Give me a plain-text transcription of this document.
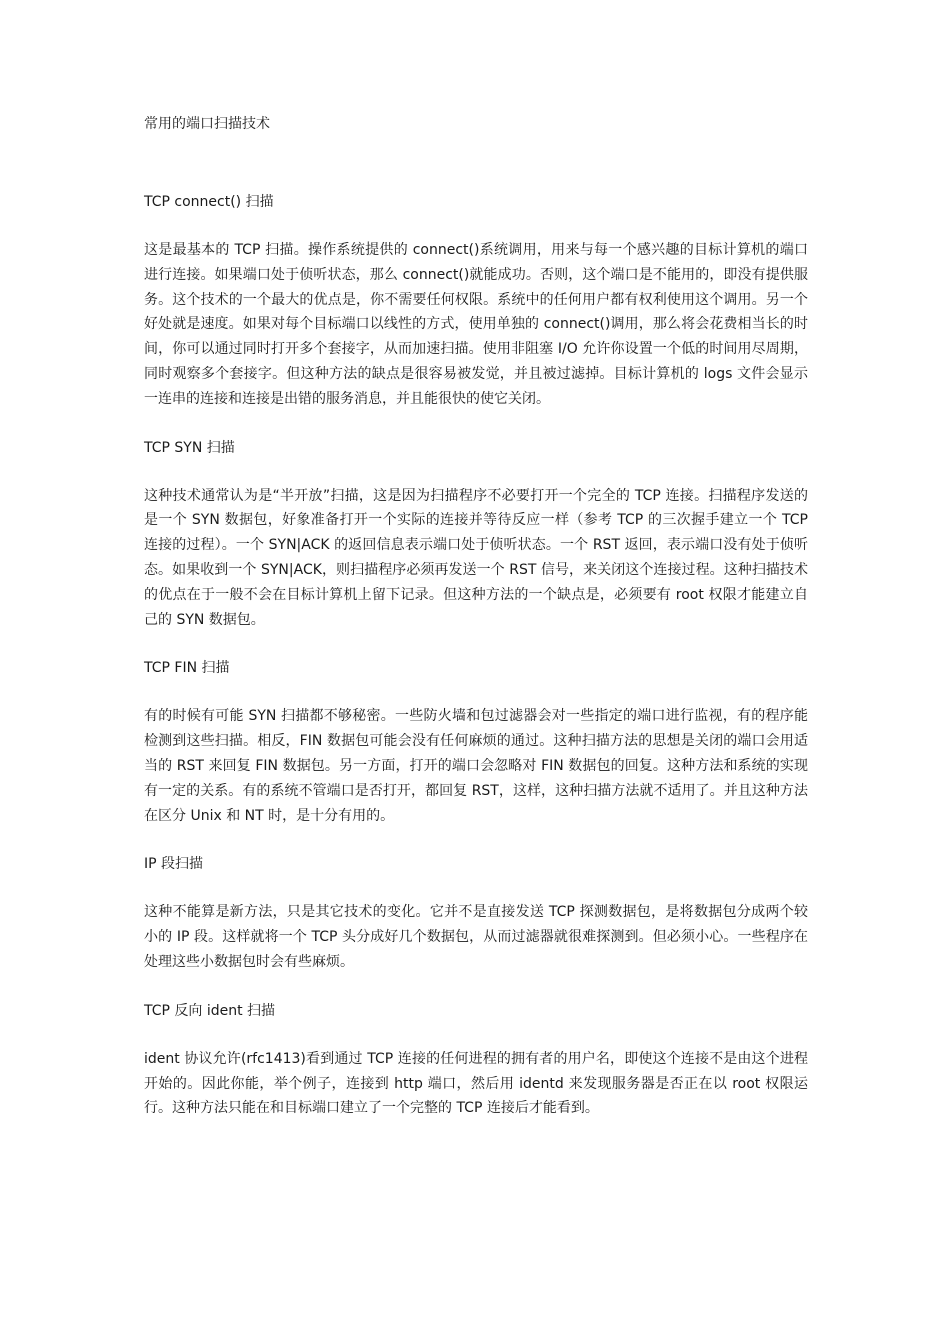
常用的端口扫描技术

TCP connect() 扫描

这是最基本的 TCP 扫描。操作系统提供的 connect()系统调用，用来与每一个感兴趣的目标计算机的端口进行连接。如果端口处于侦听状态，那么 connect()就能成功。否则，这个端口是不能用的，即没有提供服务。这个技术的一个最大的优点是，你不需要任何权限。系统中的任何用户都有权利使用这个调用。另一个好处就是速度。如果对每个目标端口以线性的方式，使用单独的 connect()调用，那么将会花费相当长的时间，你可以通过同时打开多个套接字，从而加速扫描。使用非阻塞 I/O 允许你设置一个低的时间用尽周期，同时观察多个套接字。但这种方法的缺点是很容易被发觉，并且被过滤掉。目标计算机的 logs 文件会显示一连串的连接和连接是出错的服务消息，并且能很快的使它关闭。

TCP SYN 扫描

这种技术通常认为是“半开放”扫描，这是因为扫描程序不必要打开一个完全的 TCP 连接。扫描程序发送的是一个 SYN 数据包，好象准备打开一个实际的连接并等待反应一样（参考 TCP 的三次握手建立一个 TCP 连接的过程）。一个 SYN|ACK 的返回信息表示端口处于侦听状态。一个 RST 返回，表示端口没有处于侦听态。如果收到一个 SYN|ACK，则扫描程序必须再发送一个 RST 信号，来关闭这个连接过程。这种扫描技术的优点在于一般不会在目标计算机上留下记录。但这种方法的一个缺点是，必须要有 root 权限才能建立自己的 SYN 数据包。

TCP FIN 扫描

有的时候有可能 SYN 扫描都不够秘密。一些防火墙和包过滤器会对一些指定的端口进行监视，有的程序能检测到这些扫描。相反，FIN 数据包可能会没有任何麻烦的通过。这种扫描方法的思想是关闭的端口会用适当的 RST 来回复 FIN 数据包。另一方面，打开的端口会忽略对 FIN 数据包的回复。这种方法和系统的实现有一定的关系。有的系统不管端口是否打开，都回复 RST，这样，这种扫描方法就不适用了。并且这种方法在区分 Unix 和 NT 时，是十分有用的。

IP 段扫描

这种不能算是新方法，只是其它技术的变化。它并不是直接发送 TCP 探测数据包，是将数据包分成两个较小的 IP 段。这样就将一个 TCP 头分成好几个数据包，从而过滤器就很难探测到。但必须小心。一些程序在处理这些小数据包时会有些麻烦。

TCP 反向 ident 扫描

ident 协议允许(rfc1413)看到通过 TCP 连接的任何进程的拥有者的用户名，即使这个连接不是由这个进程开始的。因此你能，举个例子，连接到 http 端口，然后用 identd 来发现服务器是否正在以 root 权限运行。这种方法只能在和目标端口建立了一个完整的 TCP 连接后才能看到。
